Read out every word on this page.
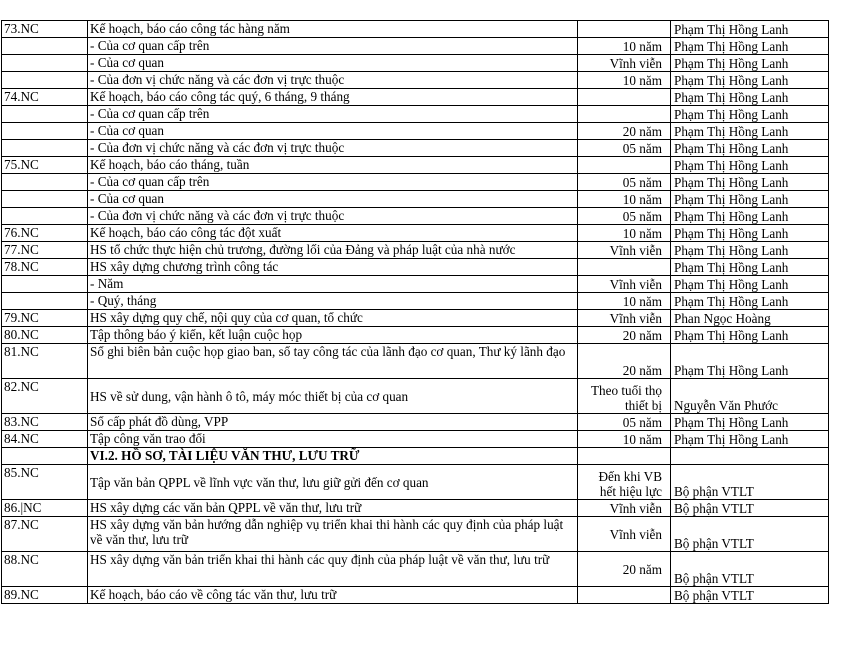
73.NC	Kế hoạch, báo cáo công tác hàng năm		Phạm Thị Hồng Lanh
	- Của cơ quan cấp trên	10 năm	Phạm Thị Hồng Lanh
	- Của cơ quan	Vĩnh viễn	Phạm Thị Hồng Lanh
	- Của đơn vị chức năng và các đơn vị trực thuộc	10 năm	Phạm Thị Hồng Lanh
74.NC	Kế hoạch, báo cáo công tác quý, 6 tháng, 9 tháng		Phạm Thị Hồng Lanh
	- Của cơ quan cấp trên		Phạm Thị Hồng Lanh
	- Của cơ quan	20 năm	Phạm Thị Hồng Lanh
	- Của đơn vị chức năng và các đơn vị trực thuộc	05 năm	Phạm Thị Hồng Lanh
75.NC	Kế hoạch, báo cáo tháng, tuần		Phạm Thị Hồng Lanh
	- Của cơ quan cấp trên	05 năm	Phạm Thị Hồng Lanh
	- Của cơ quan	10 năm	Phạm Thị Hồng Lanh
	- Của đơn vị chức năng và các đơn vị trực thuộc	05 năm	Phạm Thị Hồng Lanh
76.NC	Kế hoạch, báo cáo công tác đột xuất	10 năm	Phạm Thị Hồng Lanh
77.NC	HS tổ chức thực hiện chủ trương, đường lối của Đảng và pháp luật của nhà nước	Vĩnh viễn	Phạm Thị Hồng Lanh
78.NC	HS xây dựng chương trình công tác		Phạm Thị Hồng Lanh
	- Năm	Vĩnh viễn	Phạm Thị Hồng Lanh
	- Quý, tháng	10 năm	Phạm Thị Hồng Lanh
79.NC	HS xây dựng quy chế, nội quy của cơ quan, tổ chức	Vĩnh viễn	Phan Ngọc Hoàng
80.NC	Tập thông báo ý kiến, kết luận cuộc họp	20 năm	Phạm Thị Hồng Lanh
81.NC	Sổ ghi biên bản cuộc họp giao ban, sổ tay công tác của lãnh đạo cơ quan, Thư ký lãnh đạo	20 năm	Phạm Thị Hồng Lanh
82.NC	HS về sử dung, vận hành ô tô, máy móc thiết bị của cơ quan	Theo tuổi thọ thiết bị	Nguyễn Văn Phước
83.NC	Sổ cấp phát đồ dùng, VPP	05 năm	Phạm Thị Hồng Lanh
84.NC	Tập công văn trao đổi	10 năm	Phạm Thị Hồng Lanh
	VI.2. HỒ SƠ, TÀI LIỆU VĂN THƯ, LƯU TRỮ		
85.NC	Tập văn bản QPPL về lĩnh vực văn thư, lưu giữ gửi đến cơ quan	Đến khi VB hết hiệu lực	Bộ phận VTLT
86.|NC	HS xây dựng các văn bản QPPL về văn thư, lưu trữ	Vĩnh viễn	Bộ phận VTLT
87.NC	HS xây dựng văn bản hướng dẫn nghiệp vụ triển khai thi hành các quy định của pháp luật về văn thư, lưu trữ	Vĩnh viễn	Bộ phận VTLT
88.NC	HS xây dựng văn bản triển khai thi hành các quy định của pháp luật về văn thư, lưu trữ	20 năm	Bộ phận VTLT
89.NC	Kế hoạch, báo cáo về công tác văn thư, lưu trữ		Bộ phận VTLT
